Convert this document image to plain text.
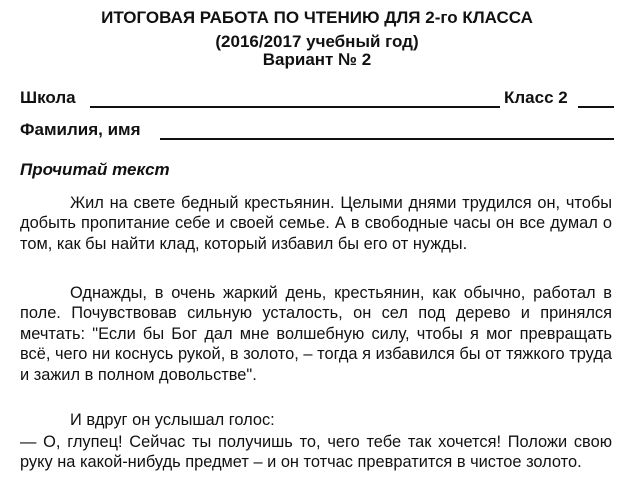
ИТОГОВАЯ РАБОТА ПО ЧТЕНИЮ ДЛЯ 2-го КЛАССА
(2016/2017 учебный год)
Вариант № 2
Школа	Класс 2
Фамилия, имя
Прочитай текст

Жил на свете бедный крестьянин. Целыми днями трудился он, чтобы добыть пропитание себе и своей семье. А в свободные часы он все думал о том, как бы найти клад, который избавил бы его от нужды.

Однажды, в очень жаркий день, крестьянин, как обычно, работал в поле. Почувствовав сильную усталость, он сел под дерево и принялся мечтать: "Если бы Бог дал мне волшебную силу, чтобы я мог превращать всё, чего ни коснусь рукой, в золото, – тогда я избавился бы от тяжкого труда и зажил в полном довольстве".

И вдруг он услышал голос:

— О, глупец! Сейчас ты получишь то, чего тебе так хочется! Положи свою руку на какой-нибудь предмет – и он тотчас превратится в чистое золото.
